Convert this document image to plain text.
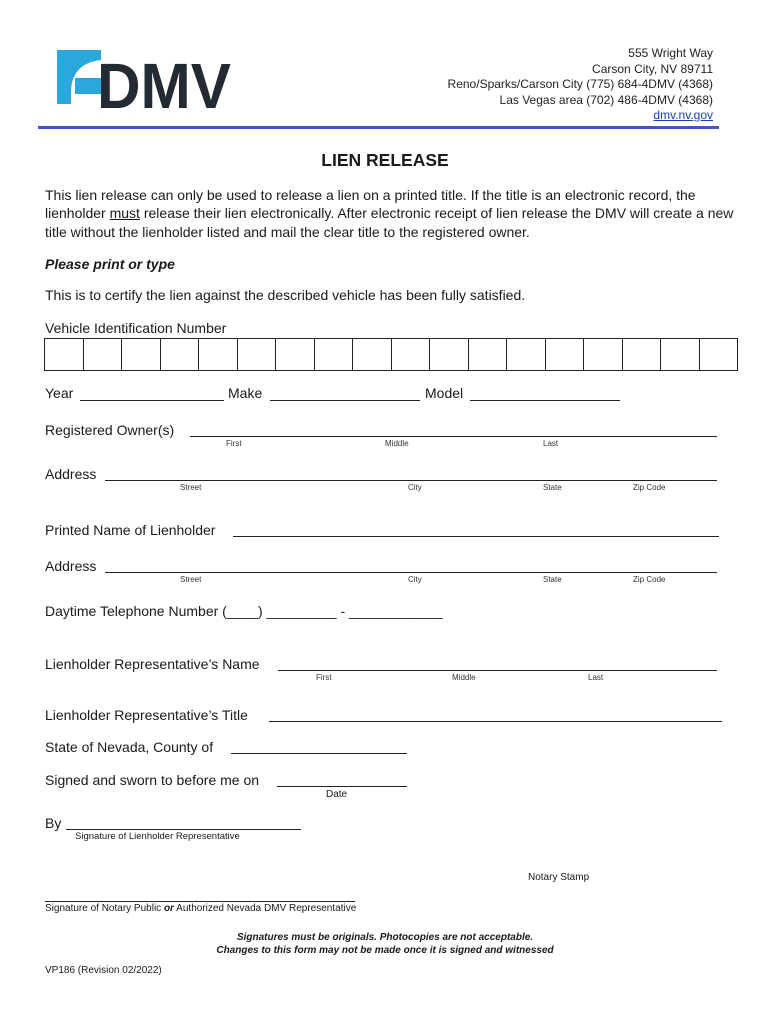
DMV	555 Wright Way
Carson City, NV 89711
Reno/Sparks/Carson City (775) 684-4DMV (4368)
Las Vegas area (702) 486-4DMV (4368)
dmv.nv.gov
LIEN RELEASE
This lien release can only be used to release a lien on a printed title. If the title is an electronic record, the lienholder must release their lien electronically. After electronic receipt of lien release the DMV will create a new title without the lienholder listed and mail the clear title to the registered owner.
Please print or type
This is to certify the lien against the described vehicle has been fully satisfied.
Vehicle Identification Number
Year	Make	Model
Registered Owner(s)
First	Middle	Last
Address
Street	City	State	Zip Code
Printed Name of Lienholder
Address
Street	City	State	Zip Code
Daytime Telephone Number (____) _________ - ____________
Lienholder Representative’s Name
First	Middle	Last
Lienholder Representative’s Title
State of Nevada, County of
Signed and sworn to before me on
Date
By
Signature of Lienholder Representative
Notary Stamp
Signature of Notary Public or Authorized Nevada DMV Representative
Signatures must be originals. Photocopies are not acceptable.
Changes to this form may not be made once it is signed and witnessed
VP186 (Revision 02/2022)
